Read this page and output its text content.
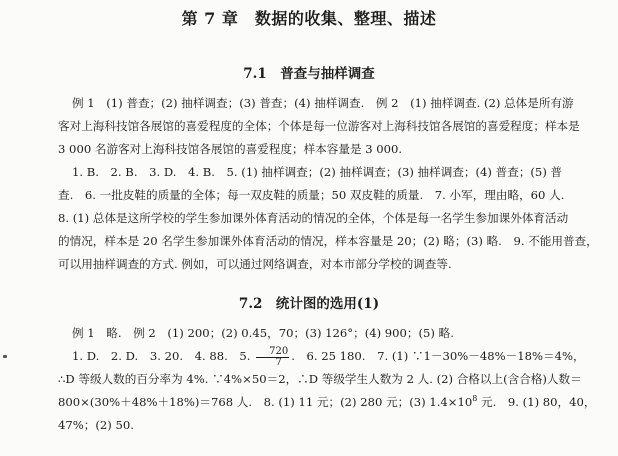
第 7 章　数据的收集、整理、描述
7.1　普查与抽样调查
例 1　(1) 普查；(2) 抽样调查；(3) 普查；(4) 抽样调查.　例 2　(1) 抽样调查. (2) 总体是所有游
客对上海科技馆各展馆的喜爱程度的全体；个体是每一位游客对上海科技馆各展馆的喜爱程度；样本是
3 000 名游客对上海科技馆各展馆的喜爱程度；样本容量是 3 000.
1. B.　2. B.　3. D.　4. B.　5. (1) 抽样调查；(2) 抽样调查；(3) 抽样调查；(4) 普查；(5) 普
查.　6. 一批皮鞋的质量的全体；每一双皮鞋的质量；50 双皮鞋的质量.　7. 小军，理由略，60 人.
8. (1) 总体是这所学校的学生参加课外体育活动的情况的全体，个体是每一名学生参加课外体育活动
的情况，样本是 20 名学生参加课外体育活动的情况，样本容量是 20；(2) 略；(3) 略.　9. 不能用普查，
可以用抽样调查的方式. 例如，可以通过网络调查，对本市部分学校的调查等.
7.2　统计图的选用(1)
例 1　略.　例 2　(1) 200；(2) 0.45，70；(3) 126°；(4) 900；(5) 略.
1. D.　2. D.　3. 20.　4. 88.　5. $\frac{720}{7}$ .　6. 25 180.　7. (1) ∵1－30%－48%－18%＝4%，
∴D 等级人数的百分率为 4%. ∵4%×50＝2，∴D 等级学生人数为 2 人. (2) 合格以上(含合格)人数＝
800×(30%＋48%＋18%)＝768 人.　8. (1) 11 元；(2) 280 元；(3) $1.4\times 10^8$ 元.　9. (1) 80，40，
47%；(2) 50.
